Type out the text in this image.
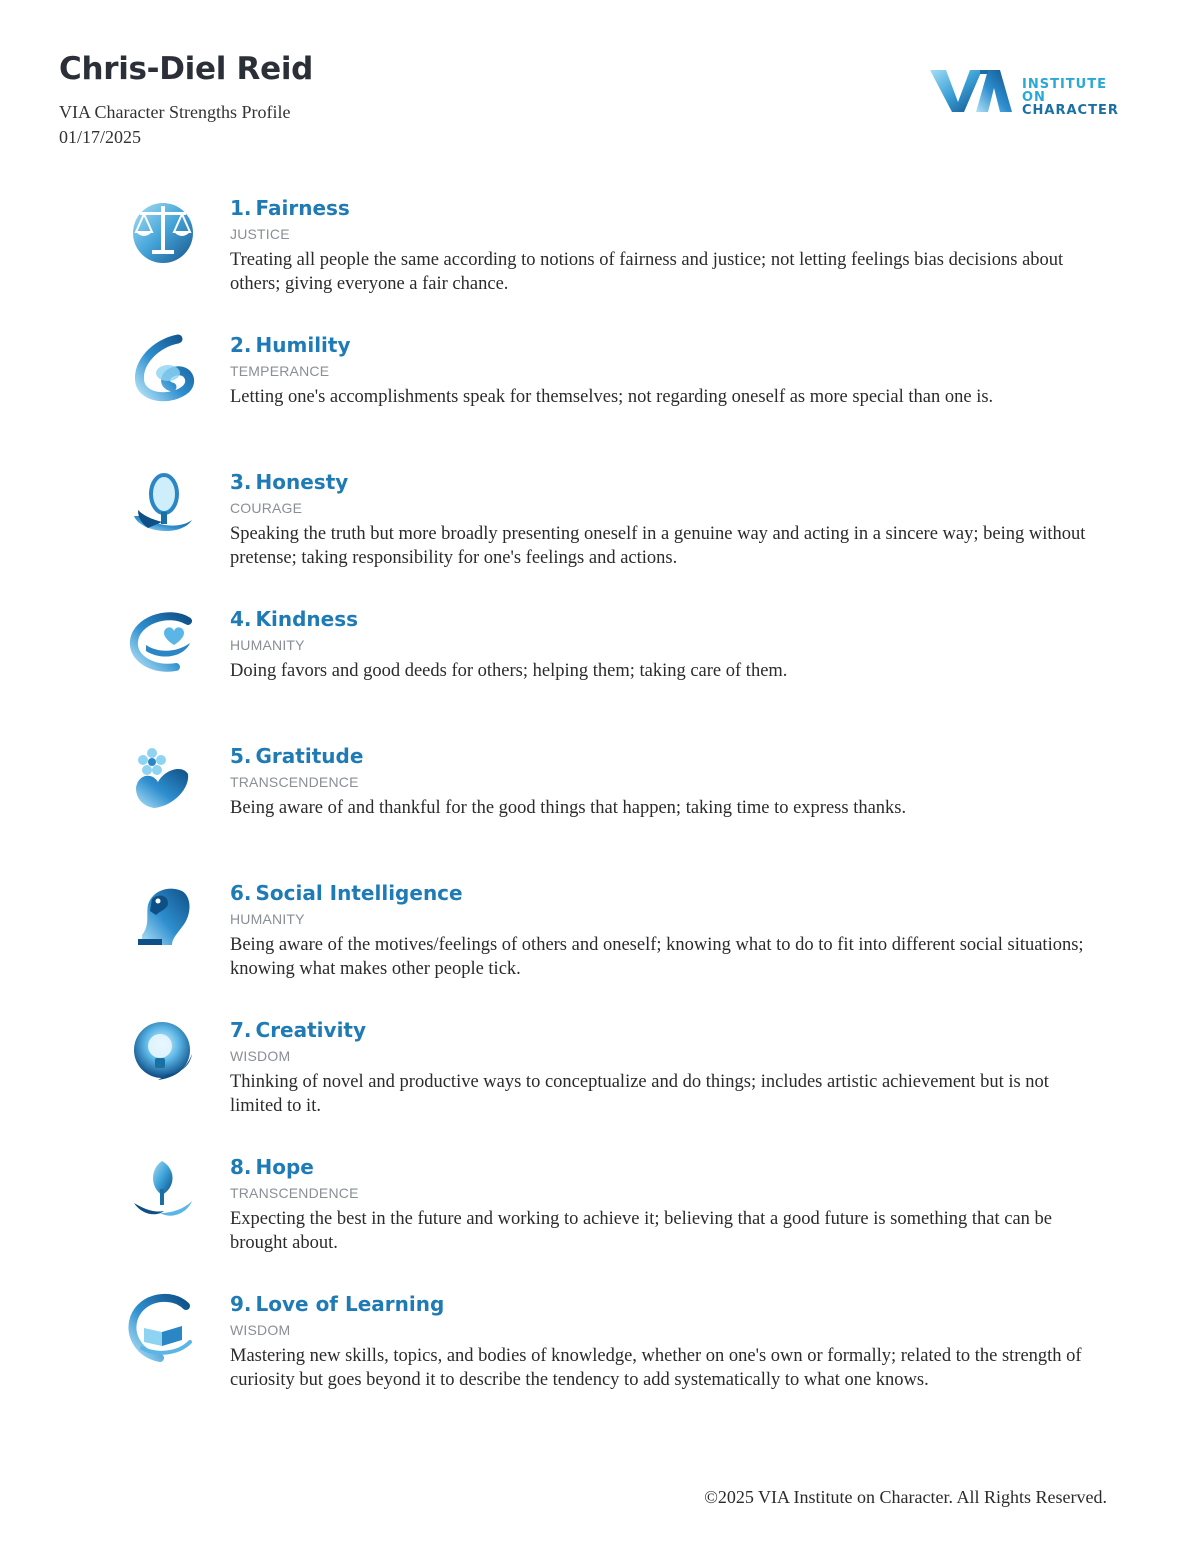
Chris-Diel Reid
VIA Character Strengths Profile
01/17/2025
INSTITUTE ON
CHARACTER
1. Fairness
JUSTICE
Treating all people the same according to notions of fairness and justice; not letting feelings bias decisions about others; giving everyone a fair chance.
2. Humility
TEMPERANCE
Letting one's accomplishments speak for themselves; not regarding oneself as more special than one is.
3. Honesty
COURAGE
Speaking the truth but more broadly presenting oneself in a genuine way and acting in a sincere way; being without pretense; taking responsibility for one's feelings and actions.
4. Kindness
HUMANITY
Doing favors and good deeds for others; helping them; taking care of them.
5. Gratitude
TRANSCENDENCE
Being aware of and thankful for the good things that happen; taking time to express thanks.
6. Social Intelligence
HUMANITY
Being aware of the motives/feelings of others and oneself; knowing what to do to fit into different social situations; knowing what makes other people tick.
7. Creativity
WISDOM
Thinking of novel and productive ways to conceptualize and do things; includes artistic achievement but is not limited to it.
8. Hope
TRANSCENDENCE
Expecting the best in the future and working to achieve it; believing that a good future is something that can be brought about.
9. Love of Learning
WISDOM
Mastering new skills, topics, and bodies of knowledge, whether on one's own or formally; related to the strength of curiosity but goes beyond it to describe the tendency to add systematically to what one knows.
©2025 VIA Institute on Character. All Rights Reserved.
